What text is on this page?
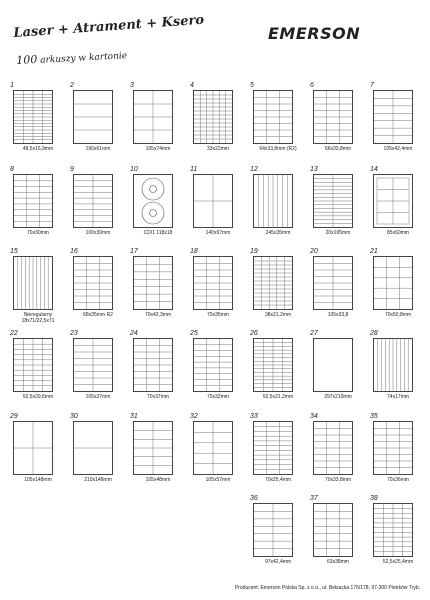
Laser + Atrament + Ksero
100 arkuszy w kartonie
EMERSON
1
48,5x16,9mm
2
190x61mm
3
105x74mm
4
33x22mm
5
64x33,8mm (R2)
6
66x33,8mm
7
105x42,4mm
8
70x30mm
9
100x30mm
10
CD/1 118x18
11
140x97mm
12
245x35mm
13
20x105mm
14
85x60mm
15
Nieregularny
18x71/22,5x71
16
68x35mm R2
17
70x42,3mm
18
70x35mm
19
38x21,2mm
20
105x33,8
21
70x50,8mm
22
52,5x29,6mm
23
105x37mm
24
70x37mm
25
70x32mm
26
52,5x21,2mm
27
297x210mm
28
74x17mm
29
105x148mm
30
210x148mm
31
105x48mm
32
105x57mm
33
70x25,4mm
34
70x33,8mm
35
70x36mm
36
97x42,4mm
37
63x38mm
38
52,5x25,4mm
Producent: Emerson Polska Sp. z o.o., ul. Bełzacka 176/178, 97-300 Piotrków Tryb.
